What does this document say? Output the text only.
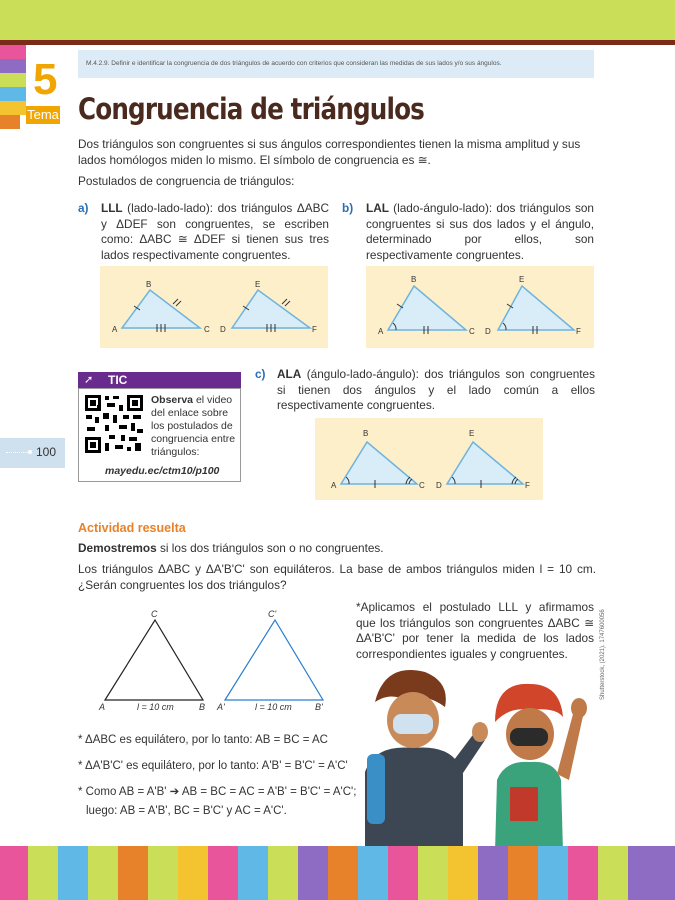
5
Tema
M.4.2.9. Definir e identificar la congruencia de dos triángulos de acuerdo con criterios que consideran las medidas de sus lados y/o sus ángulos.
Congruencia de triángulos
Dos triángulos son congruentes si sus ángulos correspondientes tienen la misma amplitud y sus lados homólogos miden lo mismo. El símbolo de congruencia es ≅.
Postulados de congruencia de triángulos:
a) LLL (lado-lado-lado): dos triángulos ΔABC y ΔDEF son congruentes, se escriben como: ΔABC ≅ ΔDEF si tienen sus tres lados respectivamente congruentes.
b) LAL (lado-ángulo-lado): dos triángulos son congruentes si sus dos lados y el ángulo, determinado por ellos, son respectivamente congruentes.
A
B
C D
E
F	A
B
C D
E
F
➚ TIC
Observa el video del enlace sobre los postulados de congruencia entre triángulos:
mayedu.ec/ctm10/p100
c) ALA (ángulo-lado-ángulo): dos triángulos son congruentes si tienen dos ángulos y el lado común a ellos respectivamente congruentes.
A
B
C D
E
F
100
Actividad resuelta
Demostremos si los dos triángulos son o no congruentes.
Los triángulos ΔABC y ΔA'B'C' son equiláteros. La base de ambos triángulos miden l = 10 cm. ¿Serán congruentes los dos triángulos?
*Aplicamos el postulado LLL y afirmamos que los triángulos son congruentes ΔABC ≅ ΔA'B'C' por tener la medida de los lados correspondientes iguales y congruentes.
A
C
B
l = 10 cm	A'
C'
B'
l = 10 cm
* ΔABC es equilátero, por lo tanto: AB = BC = AC
* ΔA'B'C' es equilátero, por lo tanto: A'B' = B'C' = A'C'
* Como AB = A'B' ➔ AB = BC = AC = A'B' = B'C' = A'C';
luego: AB = A'B', BC = B'C' y AC = A'C'.
Shutterstock, (2021). 1747600056
